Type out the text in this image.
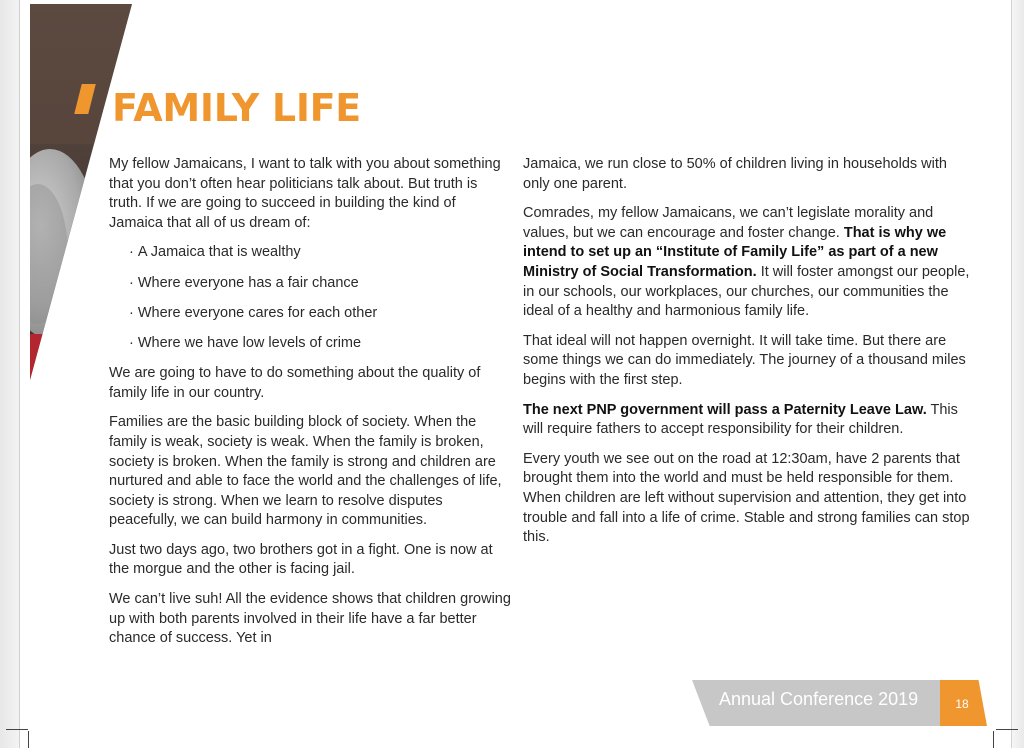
FAMILY LIFE

My fellow Jamaicans, I want to talk with you about something that you don’t often hear politicians talk about. But truth is truth. If we are going to succeed in building the kind of Jamaica that all of us dream of:

· A Jamaica that is wealthy
· Where everyone has a fair chance
· Where everyone cares for each other
· Where we have low levels of crime

We are going to have to do something about the quality of family life in our country.

Families are the basic building block of society. When the family is weak, society is weak. When the family is broken, society is broken. When the family is strong and children are nurtured and able to face the world and the challenges of life, society is strong. When we learn to resolve disputes peacefully, we can build harmony in communities.

Just two days ago, two brothers got in a fight. One is now at the morgue and the other is facing jail.

We can’t live suh! All the evidence shows that children growing up with both parents involved in their life have a far better chance of success. Yet in

Jamaica, we run close to 50% of children living in households with only one parent.

Comrades, my fellow Jamaicans, we can’t legislate morality and values, but we can encourage and foster change. That is why we intend to set up an “Institute of Family Life” as part of a new Ministry of Social Transformation. It will foster amongst our people, in our schools, our workplaces, our churches, our communities the ideal of a healthy and harmonious family life.

That ideal will not happen overnight. It will take time. But there are some things we can do immediately. The journey of a thousand miles begins with the first step.

The next PNP government will pass a Paternity Leave Law. This will require fathers to accept responsibility for their children.

Every youth we see out on the road at 12:30am, have 2 parents that brought them into the world and must be held responsible for them. When children are left without supervision and attention, they get into trouble and fall into a life of crime. Stable and strong families can stop this.

Annual Conference 2019	18
